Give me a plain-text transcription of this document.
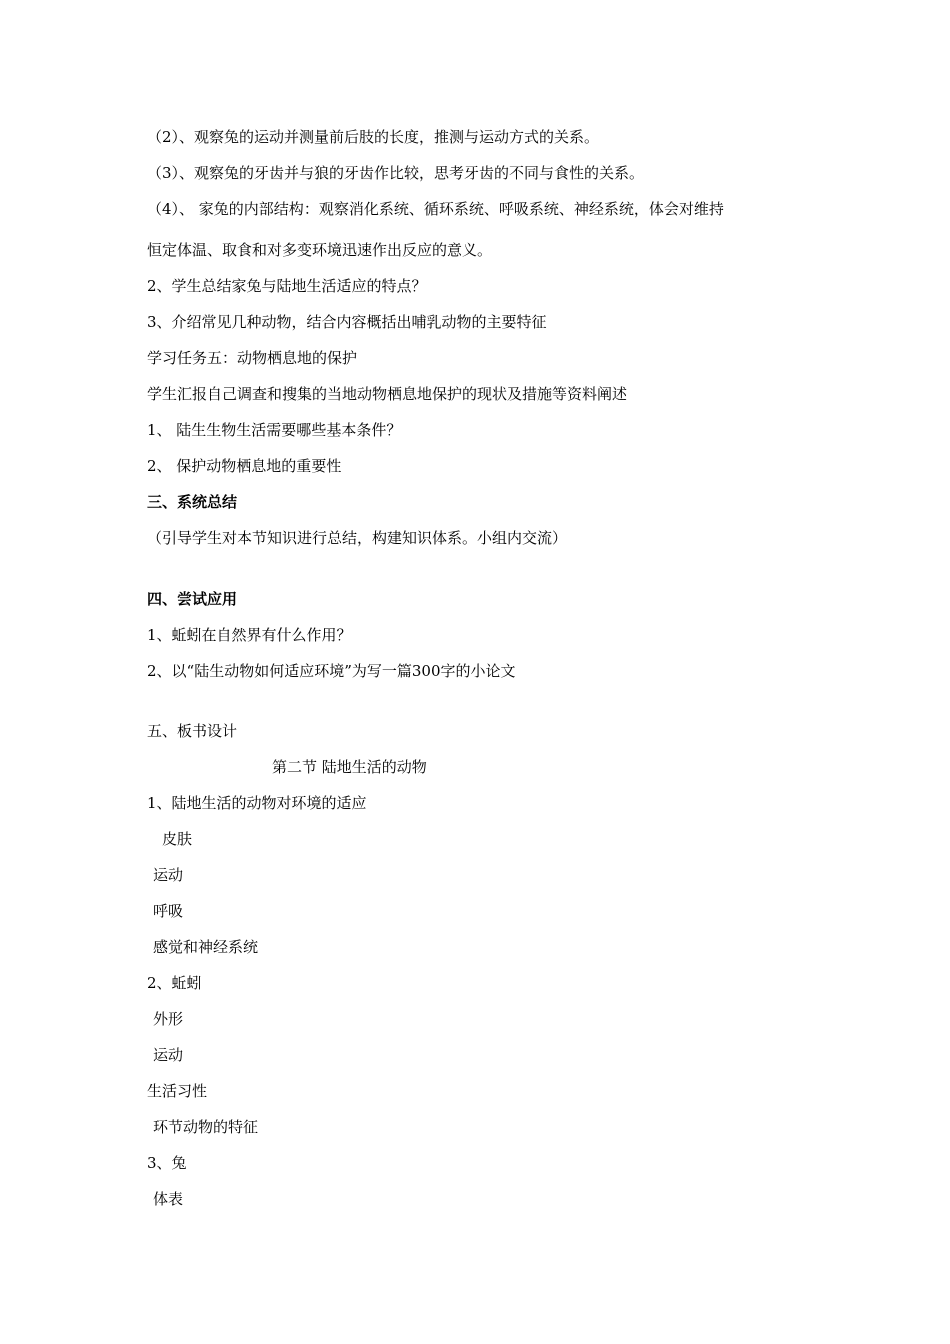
（2）、观察兔的运动并测量前后肢的长度，推测与运动方式的关系。
（3）、观察兔的牙齿并与狼的牙齿作比较，思考牙齿的不同与食性的关系。
（4）、 家兔的内部结构：观察消化系统、循环系统、呼吸系统、神经系统，体会对维持
恒定体温、取食和对多变环境迅速作出反应的意义。
2、学生总结家兔与陆地生活适应的特点？
3、介绍常见几种动物，结合内容概括出哺乳动物的主要特征
学习任务五：动物栖息地的保护
学生汇报自己调查和搜集的当地动物栖息地保护的现状及措施等资料阐述
1、 陆生生物生活需要哪些基本条件？
2、 保护动物栖息地的重要性
三、系统总结
（引导学生对本节知识进行总结，构建知识体系。小组内交流）
四、尝试应用
1、蚯蚓在自然界有什么作用？
2、以“陆生动物如何适应环境”为写一篇300字的小论文
五、板书设计
第二节 陆地生活的动物
1、陆地生活的动物对环境的适应
皮肤
运动
呼吸
感觉和神经系统
2、蚯蚓
外形
运动
生活习性
环节动物的特征
3、兔
体表
